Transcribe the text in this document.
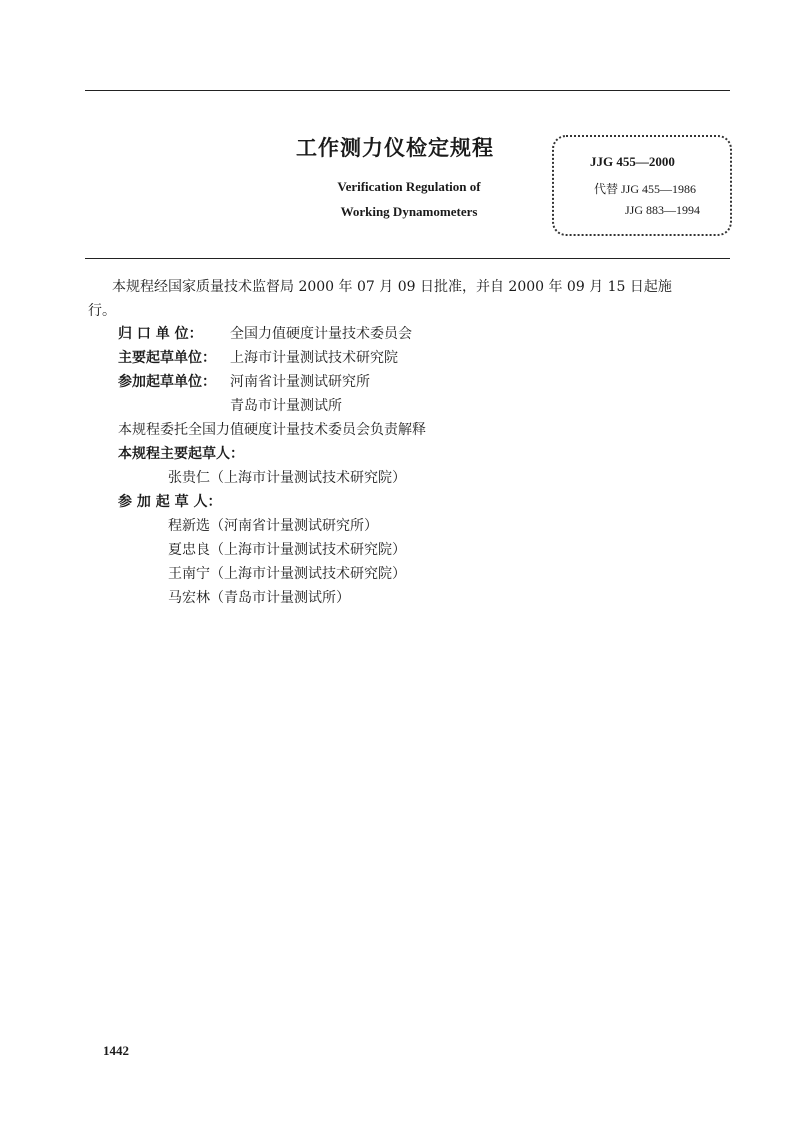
工作测力仪检定规程
Verification Regulation of
Working Dynamometers
JJG 455—2000
代替 JJG 455—1986
JJG 883—1994
本规程经国家质量技术监督局 2000 年 07 月 09 日批准，并自 2000 年 09 月 15 日起施
行。
归 口 单 位： 全国力值硬度计量技术委员会
主要起草单位： 上海市计量测试技术研究院
参加起草单位： 河南省计量测试研究所
青岛市计量测试所
本规程委托全国力值硬度计量技术委员会负责解释
本规程主要起草人：
张贵仁（上海市计量测试技术研究院）
参 加 起 草 人：
程新选（河南省计量测试研究所）
夏忠良（上海市计量测试技术研究院）
王南宁（上海市计量测试技术研究院）
马宏林（青岛市计量测试所）
1442
